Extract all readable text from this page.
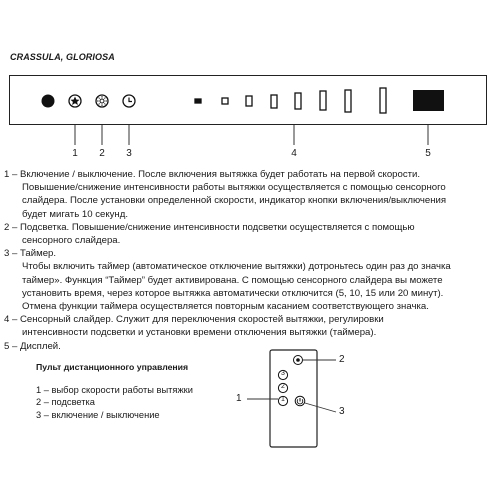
CRASSULA, GLORIOSA
1	2	3	4	5

1 – Включение / выключение. После включения вытяжка будет работать на первой скорости.

Повышение/снижение интенсивности работы вытяжки осуществляется с помощью сенсорного

слайдера. После установки определенной скорости, индикатор кнопки включения/выключения

будет мигать 10 секунд.

2 – Подсветка. Повышение/снижение интенсивности подсветки осуществляется с помощью

сенсорного слайдера.

3 – Таймер.

Чтобы включить таймер (автоматическое отключение вытяжки) дотроньтесь один раз до значка

таймер». Функция “Таймер” будет активирована. С помощью сенсорного слайдера вы можете

установить время, через которое вытяжка автоматически отключится (5, 10, 15 или 20 минут).

Отмена функции таймера осуществляется повторным касанием соответствующего значка.

4 – Сенсорный слайдер. Служит для переключения скоростей вытяжки, регулировки

интенсивности подсветки и установки времени отключения вытяжки (таймера).

5 – Дисплей.

Пульт дистанционного управления

1 – выбор скорости работы вытяжки

2 – подсветка

3 – включение / выключение

3
2
1
2
1
3
